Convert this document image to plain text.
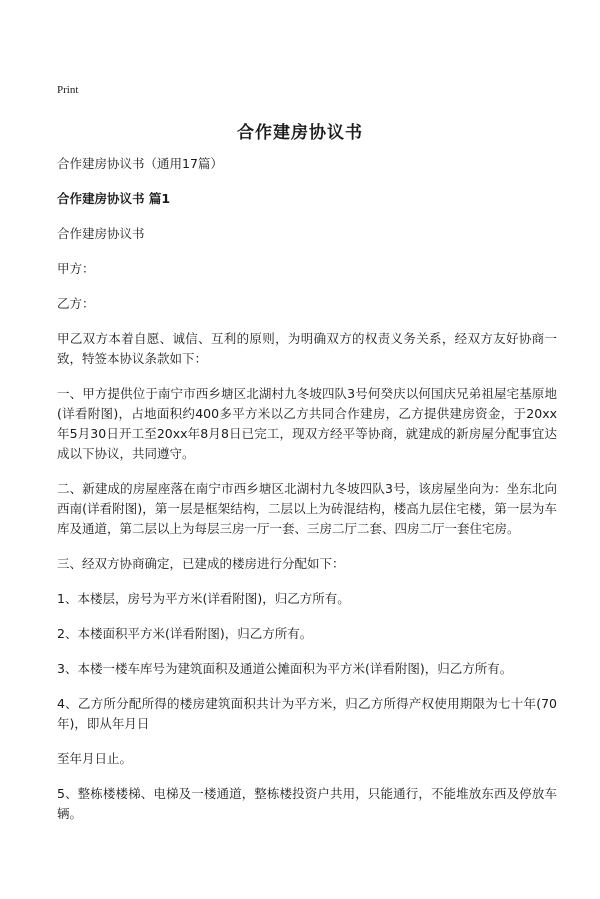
Print
合作建房协议书

合作建房协议书（通用17篇）

合作建房协议书 篇1

合作建房协议书

甲方：

乙方：

甲乙双方本着自愿、诚信、互利的原则，为明确双方的权责义务关系，经双方友好协商一致，特签本协议条款如下：

一、甲方提供位于南宁市西乡塘区北湖村九冬坡四队3号何癸庆以何国庆兄弟祖屋宅基原地(详看附图)，占地面积约400多平方米以乙方共同合作建房，乙方提供建房资金，于20xx年5月30日开工至20xx年8月8日已完工，现双方经平等协商，就建成的新房屋分配事宜达成以下协议，共同遵守。

二、新建成的房屋座落在南宁市西乡塘区北湖村九冬坡四队3号，该房屋坐向为：坐东北向西南(详看附图)，第一层是框架结构，二层以上为砖混结构，楼高九层住宅楼，第一层为车库及通道，第二层以上为每层三房一厅一套、三房二厅二套、四房二厅一套住宅房。

三、经双方协商确定，已建成的楼房进行分配如下：

1、本楼层，房号为平方米(详看附图)，归乙方所有。

2、本楼面积平方米(详看附图)，归乙方所有。

3、本楼一楼车库号为建筑面积及通道公摊面积为平方米(详看附图)，归乙方所有。

4、乙方所分配所得的楼房建筑面积共计为平方米，归乙方所得产权使用期限为七十年(70年)，即从年月日

至年月日止。

5、整栋楼楼梯、电梯及一楼通道，整栋楼投资户共用，只能通行，不能堆放东西及停放车辆。
